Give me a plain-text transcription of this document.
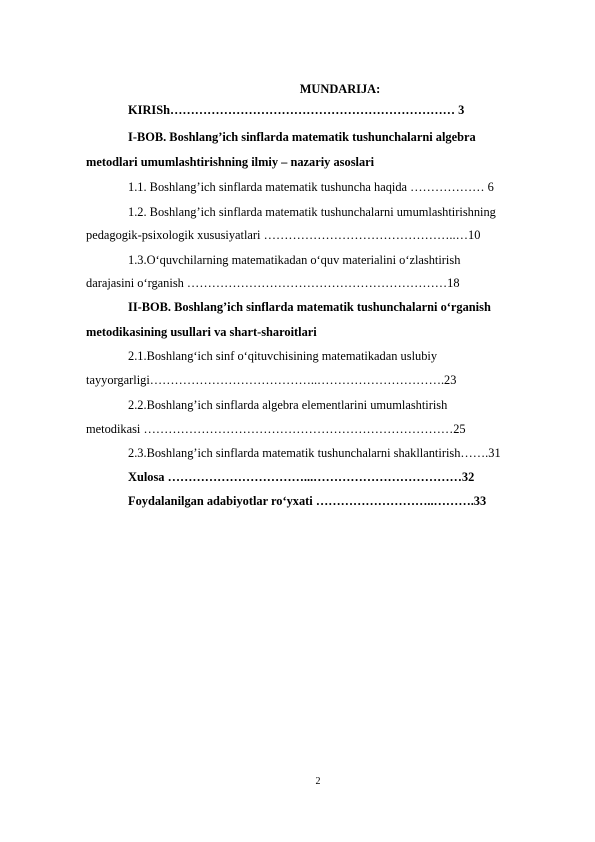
MUNDARIJA:
KIRISh…………………………………………………………… 3
I-BOB. Boshlang’ich sinflarda matematik tushunchalarni algebra
metodlari umumlashtirishning ilmiy – nazariy asoslari
1.1. Boshlang’ich sinflarda matematik tushuncha haqida ……………… 6
1.2. Boshlang’ich sinflarda matematik tushunchalarni umumlashtirishning
pedagogik-psixologik xususiyatlari ………………………………………..…10
1.3.O‘quvchilarning matematikadan o‘quv materialini o‘zlashtirish
darajasini o‘rganish ………………………………………………………18
II-BOB. Boshlang’ich sinflarda matematik tushunchalarni o‘rganish
metodikasining usullari va shart-sharoitlari
2.1.Boshlang‘ich sinf o‘qituvchisining matematikadan uslubiy
tayyorgarligi…………………………………..………………………….23
2.2.Boshlang’ich sinflarda algebra elementlarini umumlashtirish
metodikasi …………………………………………………………………25
2.3.Boshlang’ich sinflarda matematik tushunchalarni shakllantirish…….31
Xulosa ……………………………...………………………………32
Foydalanilgan adabiyotlar ro‘yxati ………………………..……….33
2
